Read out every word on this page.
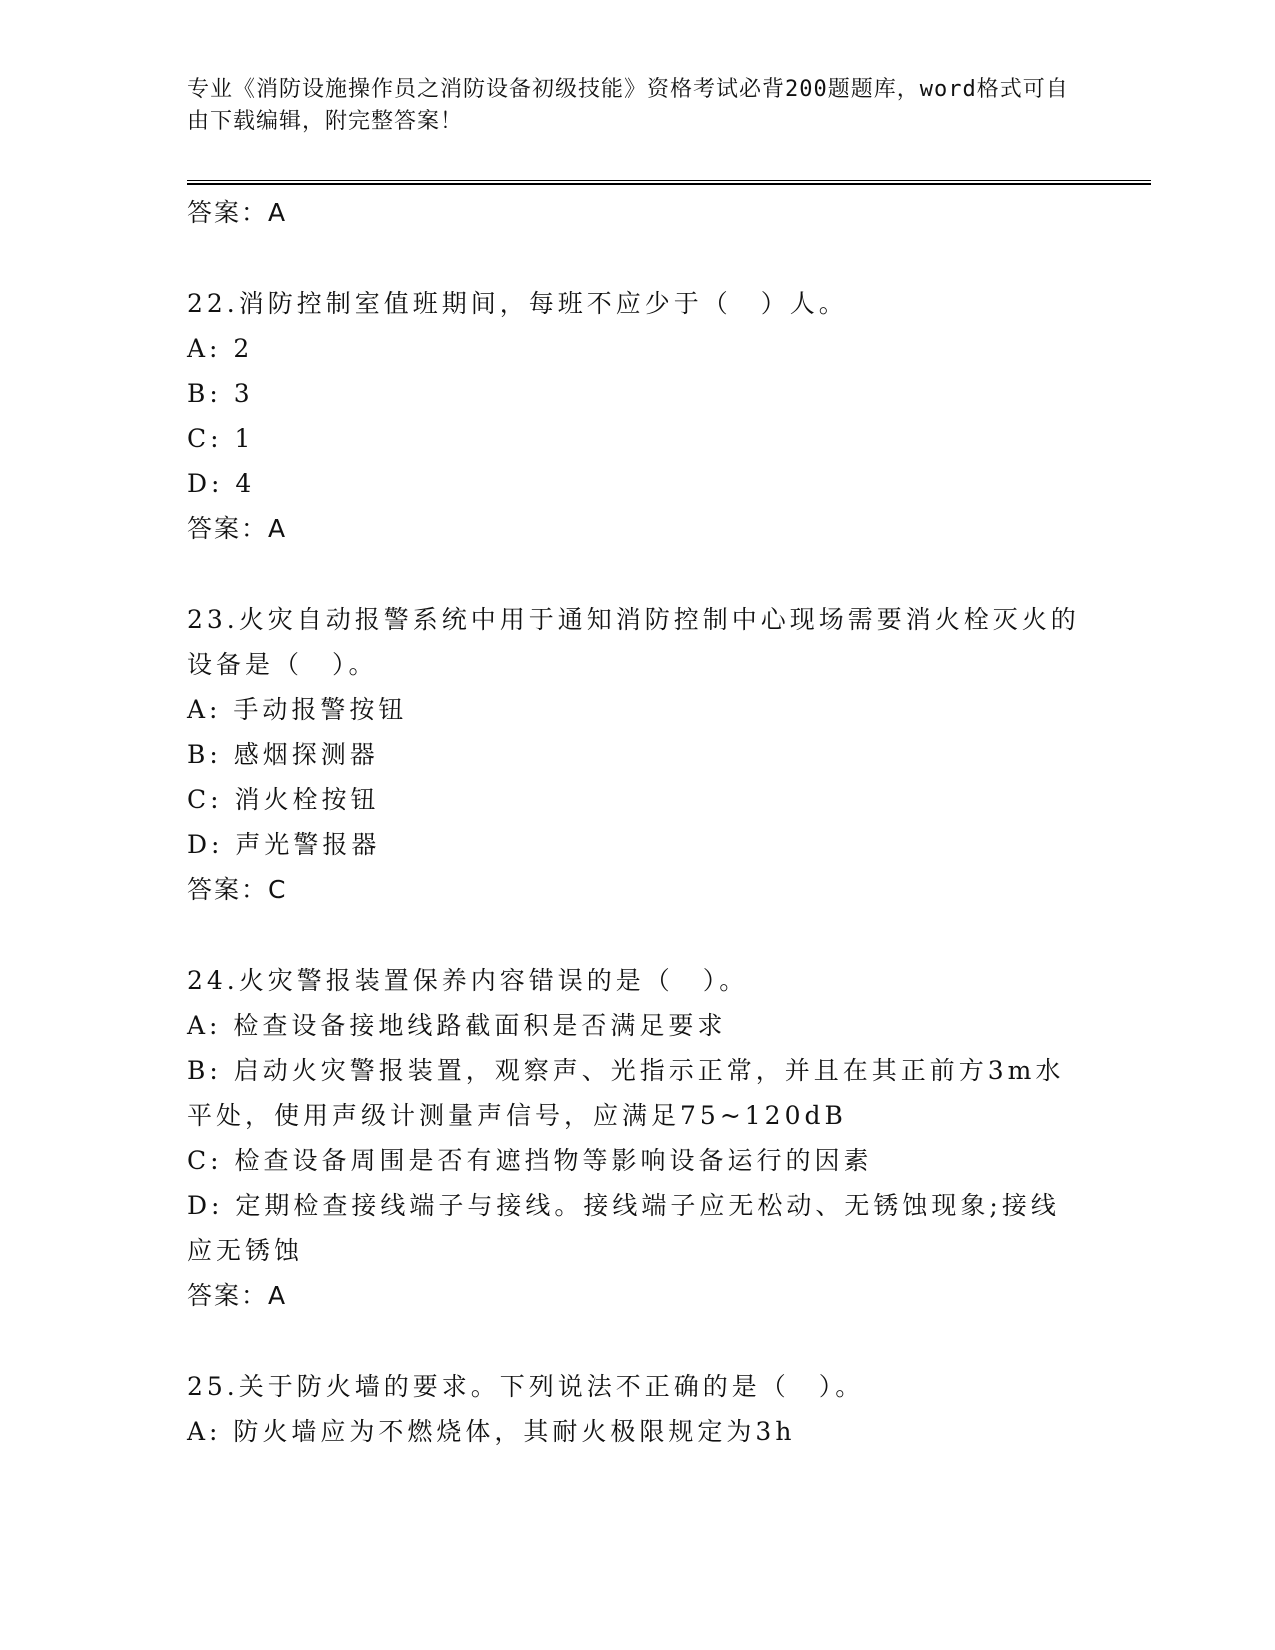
专业《消防设施操作员之消防设备初级技能》资格考试必背200题题库，word格式可自由下载编辑，附完整答案！
答案：A
22.消防控制室值班期间，每班不应少于（　）人。
A: 2
B: 3
C: 1
D: 4
答案：A
23.火灾自动报警系统中用于通知消防控制中心现场需要消火栓灭火的设备是（　）。
A: 手动报警按钮
B: 感烟探测器
C: 消火栓按钮
D: 声光警报器
答案：C
24.火灾警报装置保养内容错误的是（　）。
A: 检查设备接地线路截面积是否满足要求
B: 启动火灾警报装置，观察声、光指示正常，并且在其正前方3m水平处，使用声级计测量声信号，应满足75~120dB
C: 检查设备周围是否有遮挡物等影响设备运行的因素
D: 定期检查接线端子与接线。接线端子应无松动、无锈蚀现象;接线应无锈蚀
答案：A
25.关于防火墙的要求。下列说法不正确的是（　）。
A: 防火墙应为不燃烧体，其耐火极限规定为3h
